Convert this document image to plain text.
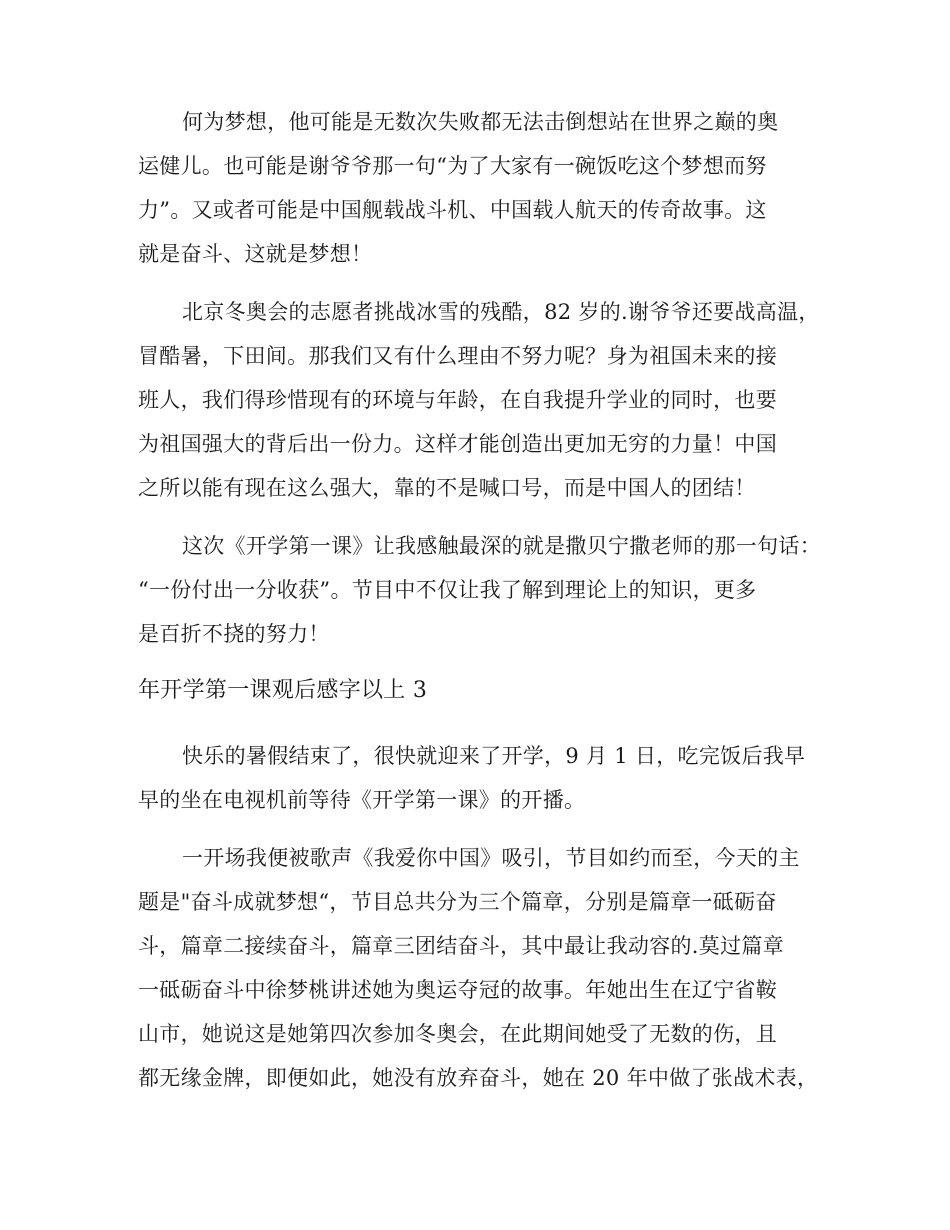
何为梦想，他可能是无数次失败都无法击倒想站在世界之巅的奥
运健儿。也可能是谢爷爷那一句“为了大家有一碗饭吃这个梦想而努
力”。又或者可能是中国舰载战斗机、中国载人航天的传奇故事。这
就是奋斗、这就是梦想！
北京冬奥会的志愿者挑战冰雪的残酷，82 岁的.谢爷爷还要战高温，
冒酷暑，下田间。那我们又有什么理由不努力呢？身为祖国未来的接
班人，我们得珍惜现有的环境与年龄，在自我提升学业的同时，也要
为祖国强大的背后出一份力。这样才能创造出更加无穷的力量！中国
之所以能有现在这么强大，靠的不是喊口号，而是中国人的团结！
这次《开学第一课》让我感触最深的就是撒贝宁撒老师的那一句话：
“一份付出一分收获”。节目中不仅让我了解到理论上的知识，更多
是百折不挠的努力！
年开学第一课观后感字以上 3
快乐的暑假结束了，很快就迎来了开学，9 月 1 日，吃完饭后我早
早的坐在电视机前等待《开学第一课》的开播。
一开场我便被歌声《我爱你中国》吸引，节目如约而至，今天的主
题是"奋斗成就梦想“，节目总共分为三个篇章，分别是篇章一砥砺奋
斗，篇章二接续奋斗，篇章三团结奋斗，其中最让我动容的.莫过篇章
一砥砺奋斗中徐梦桃讲述她为奥运夺冠的故事。年她出生在辽宁省鞍
山市，她说这是她第四次参加冬奥会，在此期间她受了无数的伤，且
都无缘金牌，即便如此，她没有放弃奋斗，她在 20 年中做了张战术表，
